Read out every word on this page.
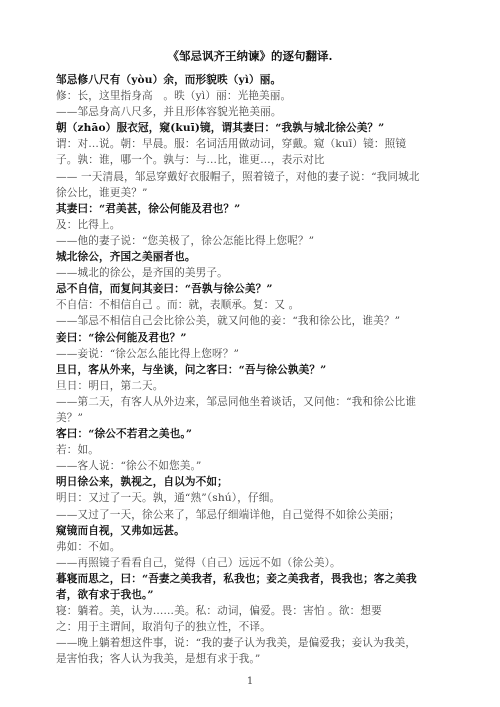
《邹忌讽齐王纳谏》的逐句翻译.
邹忌修八尺有（yòu）余，而形貌昳（yì）丽。
修：长，这里指身高　。昳（yì）丽：光艳美丽。
——邹忌身高八尺多，并且形体容貌光艳美丽。
朝（zhāo）服衣冠，窥(kuī)镜，谓其妻曰：“我孰与城北徐公美？”
谓：对…说。朝：早晨。服：名词活用做动词，穿戴。窥（kuī）镜：照镜
子。孰：谁，哪一个。孰与：与…比，谁更…，表示对比
—— 一天清晨，邹忌穿戴好衣服帽子，照着镜子，对他的妻子说：“我同城北
徐公比，谁更美？”
其妻曰：“君美甚，徐公何能及君也？”
及：比得上。
——他的妻子说：“您美极了，徐公怎能比得上您呢？”
城北徐公，齐国之美丽者也。
——城北的徐公，是齐国的美男子。
忌不自信，而复问其妾曰：“吾孰与徐公美？”
不自信：不相信自己 。而：就，表顺承。复：又 。
——邹忌不相信自己会比徐公美，就又问他的妾：“我和徐公比，谁美？”
妾曰：“徐公何能及君也？”
——妾说：“徐公怎么能比得上您呀？”
旦日，客从外来，与坐谈，问之客曰：“吾与徐公孰美？”
旦日：明日，第二天。
——第二天，有客人从外边来，邹忌同他坐着谈话，又问他：“我和徐公比谁
美？”
客曰：“徐公不若君之美也。”
若：如。
——客人说：“徐公不如您美。”
明日徐公来，孰视之，自以为不如；
明日：又过了一天。孰，通“熟”（shú），仔细。
——又过了一天，徐公来了，邹忌仔细端详他，自己觉得不如徐公美丽；
窥镜而自视，又弗如远甚。
弗如：不如。
——再照镜子看看自己，觉得（自己）远远不如（徐公美）。
暮寝而思之，曰：“吾妻之美我者，私我也；妾之美我者，畏我也；客之美我
者，欲有求于我也。”
寝：躺着。美，认为……美。私：动词，偏爱。畏：害怕 。欲：想要
之：用于主谓间，取消句子的独立性，不译。
——晚上躺着想这件事，说：“我的妻子认为我美，是偏爱我；妾认为我美，
是害怕我；客人认为我美，是想有求于我。”
1
